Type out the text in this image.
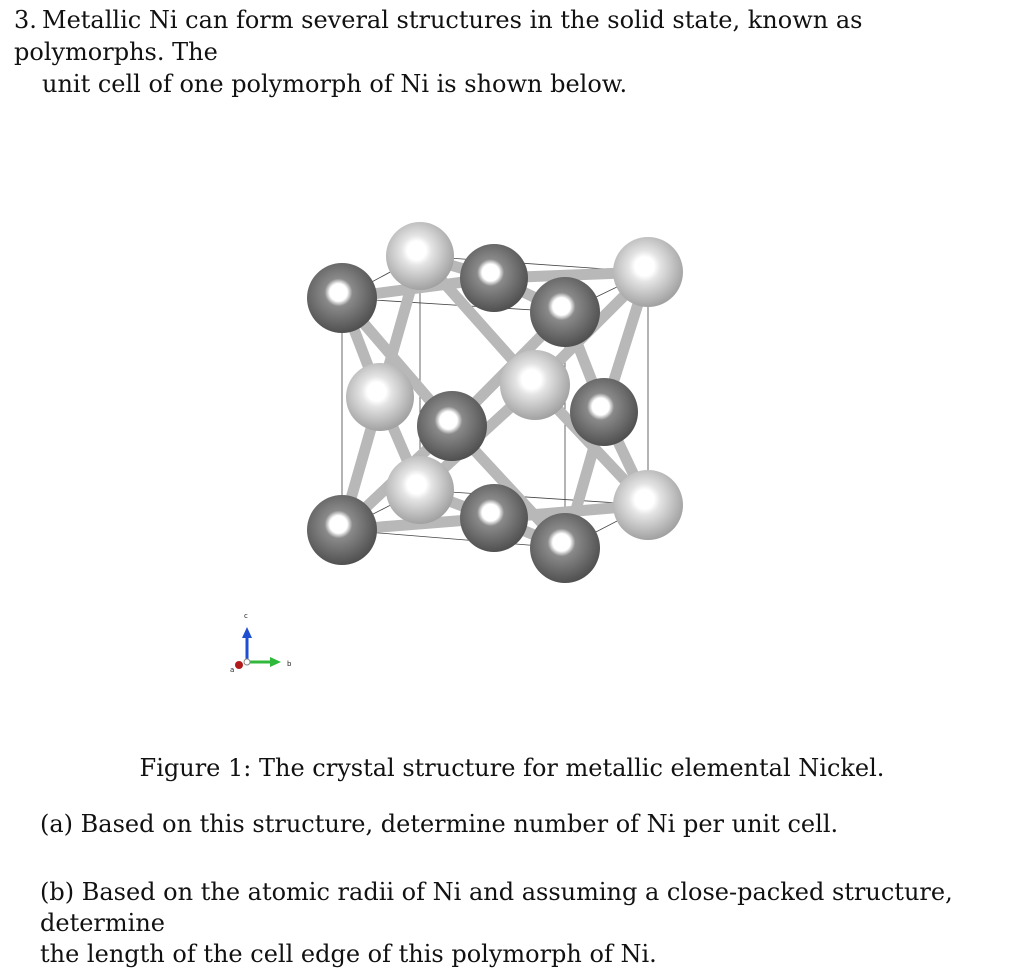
3. Metallic Ni can form several structures in the solid state, known as polymorphs. The
unit cell of one polymorph of Ni is shown below.
c
b
a
Figure 1: The crystal structure for metallic elemental Nickel.
(a) Based on this structure, determine number of Ni per unit cell.
(b) Based on the atomic radii of Ni and assuming a close-packed structure, determine
the length of the cell edge of this polymorph of Ni.
